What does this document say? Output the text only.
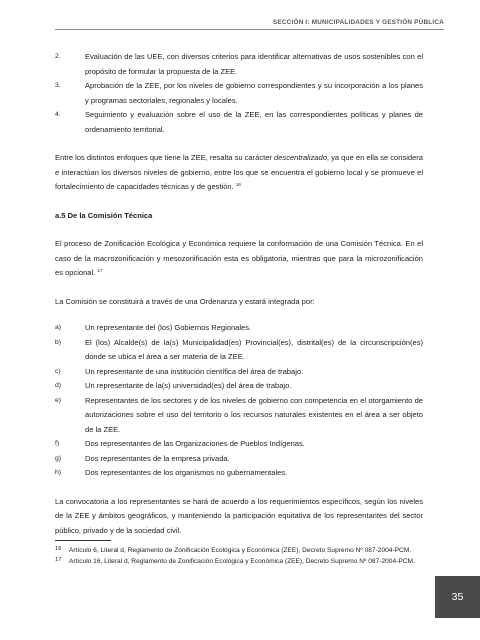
SECCIÓN I: MUNICIPALIDADES Y GESTIÓN PÚBLICA
2.	Evaluación de las UEE, con diversos criterios para identificar alternativas de usos sostenibles con el propósito de formular la propuesta de la ZEE.
3.	Aprobación de la ZEE, por los niveles de gobierno correspondientes y su incorporación a los planes y programas sectoriales, regionales y locales.
4.	Seguimiento y evaluación sobre el uso de la ZEE, en las correspondientes políticas y planes de ordenamiento territorial.

Entre los distintos enfoques que tiene la ZEE, resalta su carácter descentralizado, ya que en ella se considera e interactúan los diversos niveles de gobierno, entre los que se encuentra el gobierno local y se promueve el fortalecimiento de capacidades técnicas y de gestión. $^{16}$

a.5 De la Comisión Técnica

El proceso de Zonificación Ecológica y Económica requiere la conformación de una Comisión Técnica. En el caso de la macrozonificación y mesozonificación esta es obligatoria, mientras que para la microzonificación es opcional. $^{17}$

La Comisión se constituirá a través de una Ordenanza y estará integrada por:

a)	Un representante del (los) Gobiernos Regionales.
b)	El (los) Alcalde(s) de la(s) Municipalidad(es) Provincial(es), distrital(es) de la circunscripción(es) donde se ubica el área a ser materia de la ZEE.
c)	Un representante de una institución científica del área de trabajo.
d)	Un representante de la(s) universidad(es) del área de trabajo.
e)	Representantes de los sectores y de los niveles de gobierno con competencia en el otorgamiento de autorizaciones sobre el uso del territorio o los recursos naturales existentes en el área a ser objeto de la ZEE.
f)	Dos representantes de las Organizaciones de Pueblos Indígenas.
g)	Dos representantes de la empresa privada.
h)	Dos representantes de los organismos no gubernamentales.

La convocatoria a los representantes se hará de acuerdo a los requerimientos específicos, según los niveles de la ZEE y ámbitos geográficos, y manteniendo la participación equitativa de los representantes del sector público, privado y de la sociedad civil.

16 Artículo 6, Literal d, Reglamento de Zonificación Ecológica y Económica (ZEE), Decreto Supremo Nº 087-2004-PCM.
17 Artículo 16, Literal d, Reglamento de Zonificación Ecológica y Económica (ZEE), Decreto Supremo Nº 087-2004-PCM.
35
